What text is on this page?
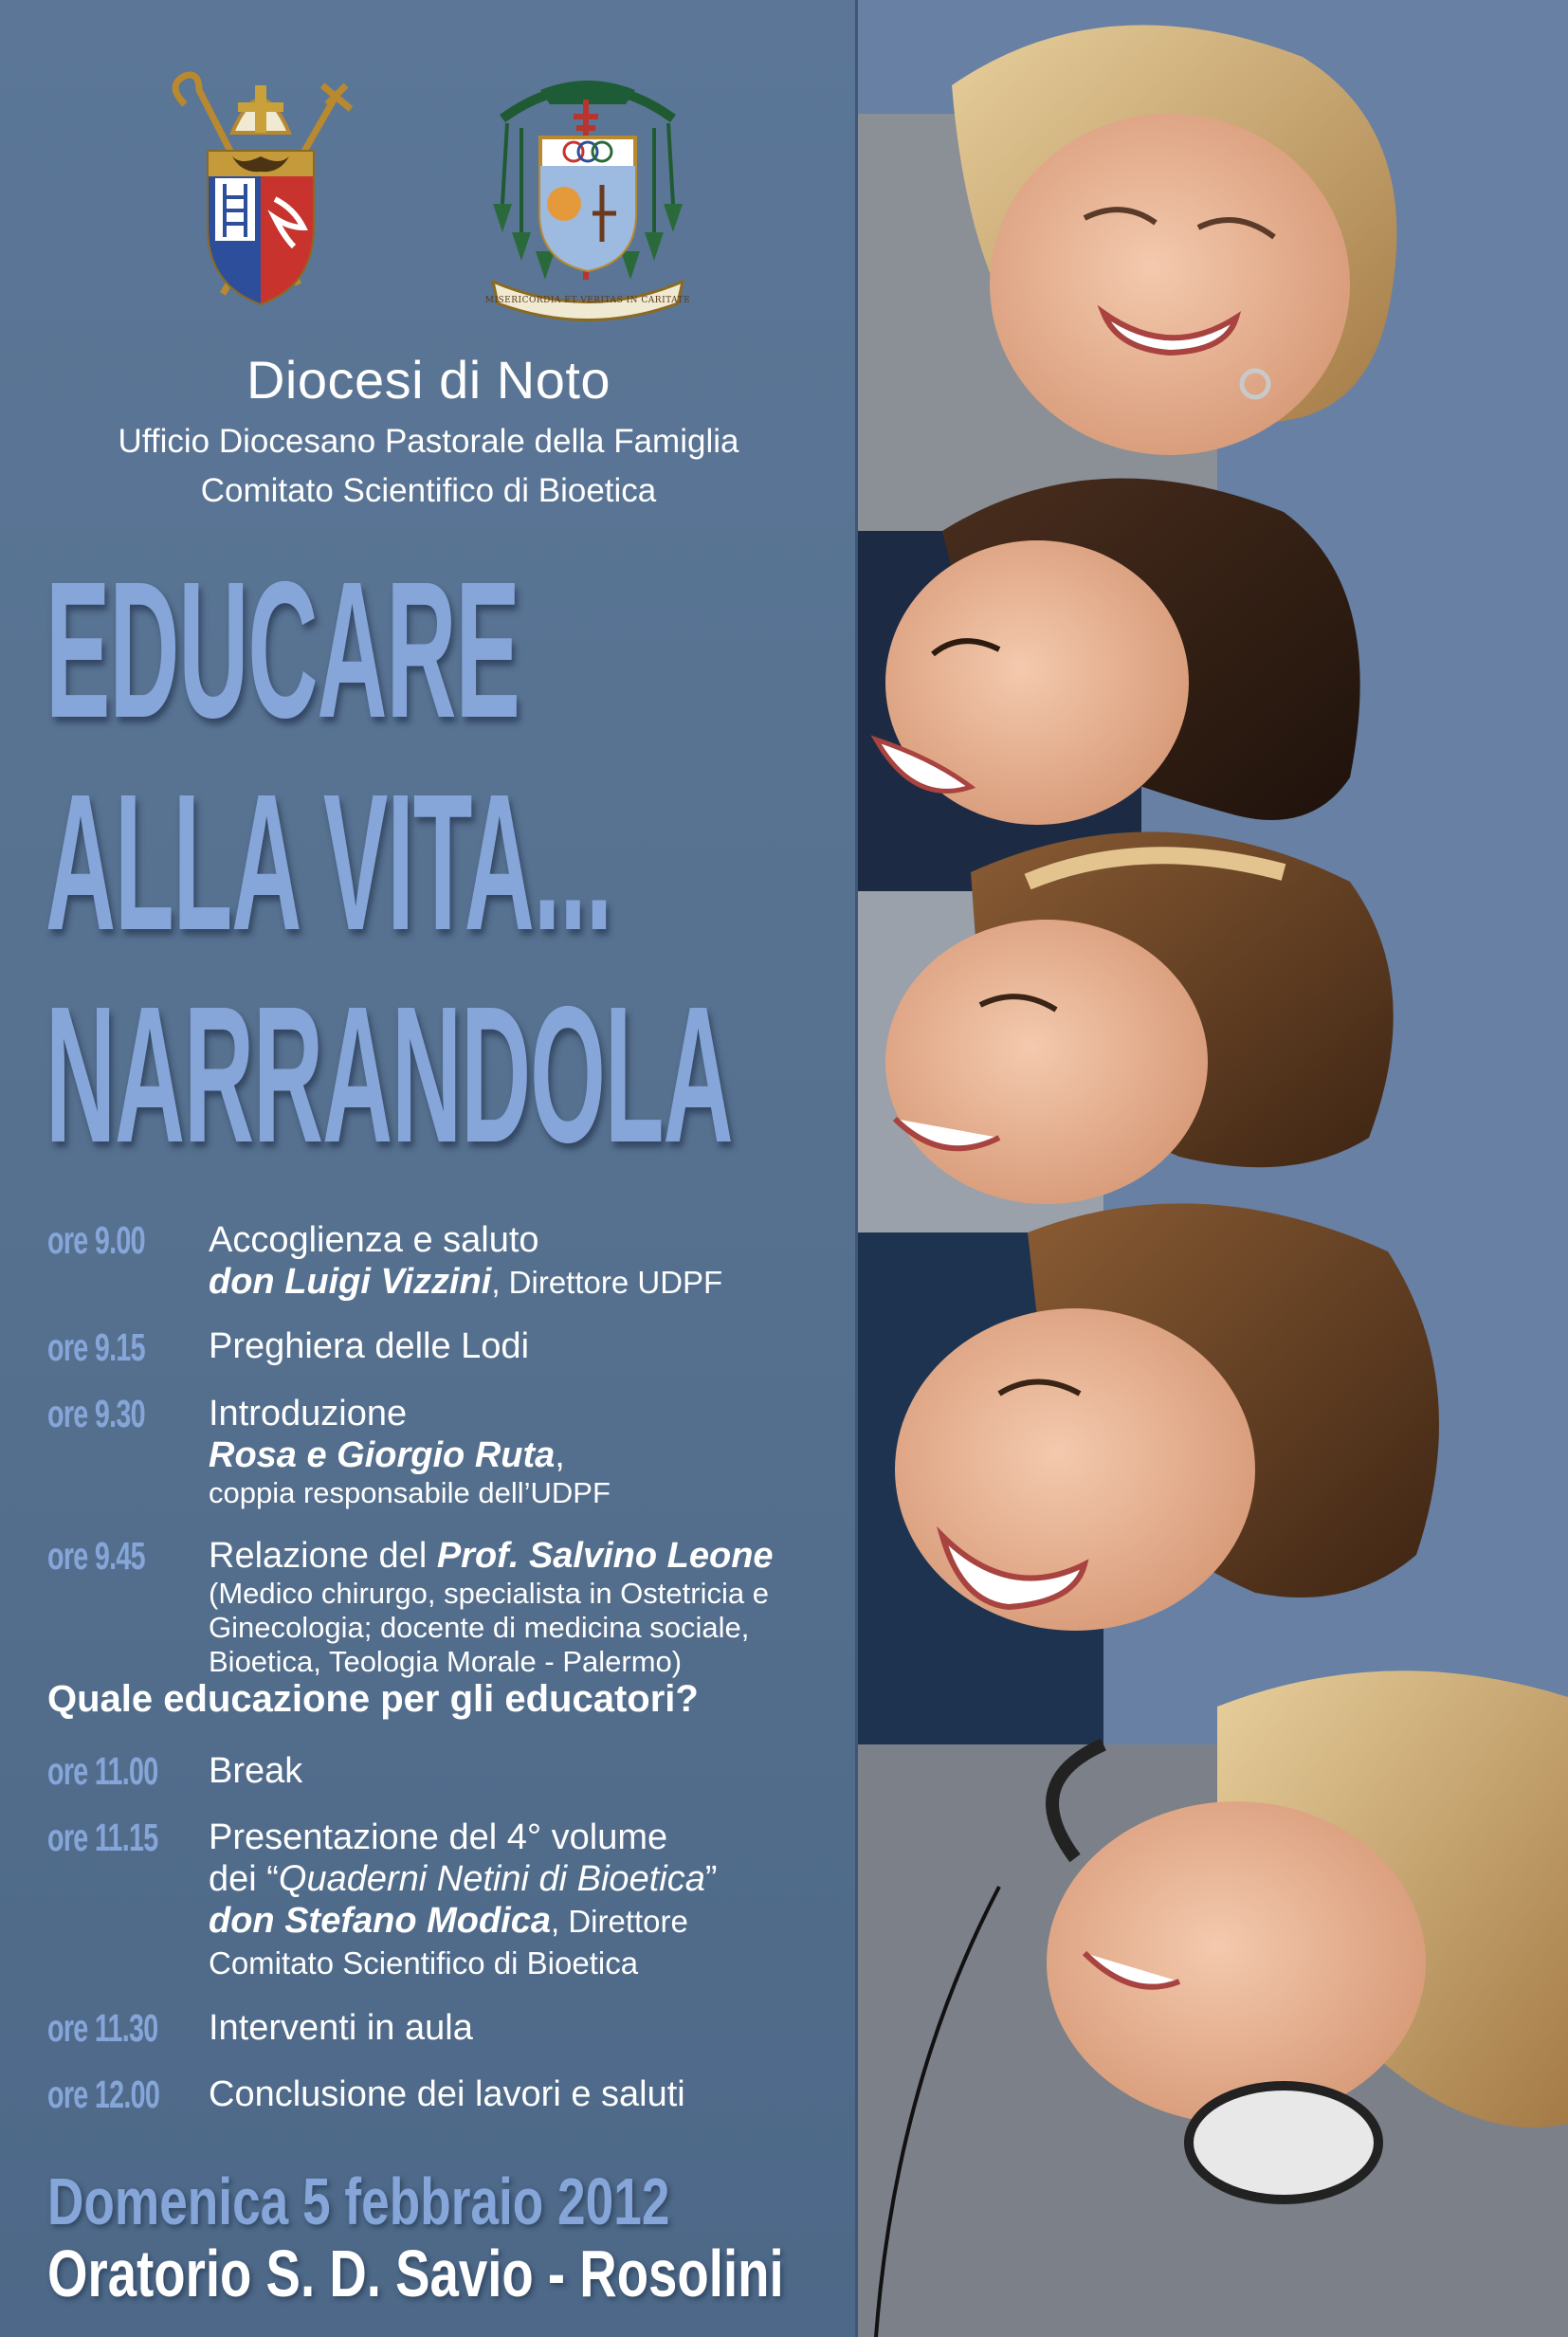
MISERICORDIA ET VERITAS IN CARITATE
Diocesi di Noto
Ufficio Diocesano Pastorale della Famiglia
Comitato Scientifico di Bioetica
EDUCARE
ALLA VITA...
NARRANDOLA
ore 9.00 Accoglienza e saluto
don Luigi Vizzini, Direttore UDPF
ore 9.15 Preghiera delle Lodi
ore 9.30 Introduzione
Rosa e Giorgio Ruta,
coppia responsabile dell’UDPF
ore 9.45 Relazione del Prof. Salvino Leone
(Medico chirurgo, specialista in Ostetricia e
Ginecologia; docente di medicina sociale,
Bioetica, Teologia Morale - Palermo)
Quale educazione per gli educatori?
ore 11.00 Break
ore 11.15 Presentazione del 4° volume
dei “Quaderni Netini di Bioetica”
don Stefano Modica, Direttore
Comitato Scientifico di Bioetica
ore 11.30 Interventi in aula
ore 12.00 Conclusione dei lavori e saluti
Domenica 5 febbraio 2012
Oratorio S. D. Savio - Rosolini
